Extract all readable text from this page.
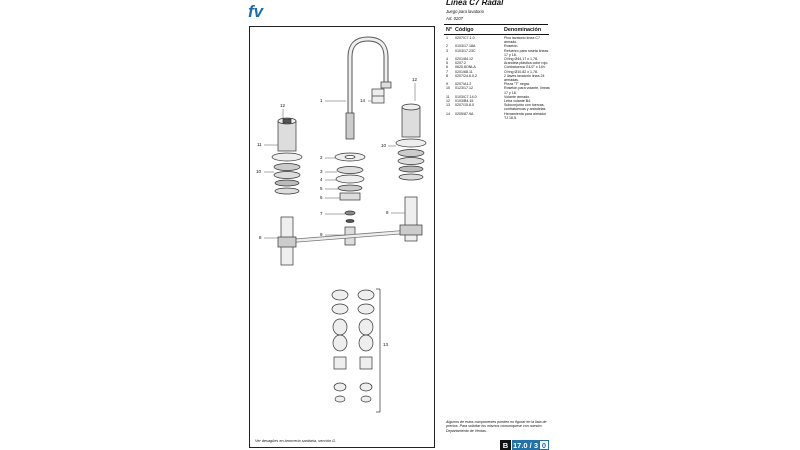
fv	Línea C7 Radal
Juego para lavatorio
Art. 0207
1
2
3
4
5
6
7	8
8
9
10
10
11
12
12
13
14
Ver desagües en broncería sanitaria, sección G.
N° Código	Denominación
1	0207/C7.1.0	Pico lavatorio línea C7 armado.
2	0103/17.18A	Rosetón.
3	0103/17.23C	Refuerzo para roseta líneas 17 y 18.
4	0201/84.12	O'ring Ø44,17 x 1,78.
5	0207.2	Arandela plástica color rojo.
6	0620.8ONLA	Contratuerca G1/2" x 14h.
7	0201/68.11	O'ring Ø10,82 x 1,78.
8	0207/24.6.0.2	2 llaves lavatorio línea 24 armadas.
9	0207/A1.2	Pieza "T" negra.
10	0123/17.12	Rosetón para volante, líneas 17 y 18.
11	0103/C7.14.0	Volante armado.
12	0103/B4.15	Letra volante B4.
13	0207/15.8.0	Subconjunto con tuercas, contratuercas y arandelas.
14	0205/87.9A	Herramienta para aireador TJ 16,5.
Algunos de estos componentes pueden no figurar en la lista de precios. Para solicitar los mismos comuníquese con nuestro Departamento de Ventas.
B 17.0 / 3 0
